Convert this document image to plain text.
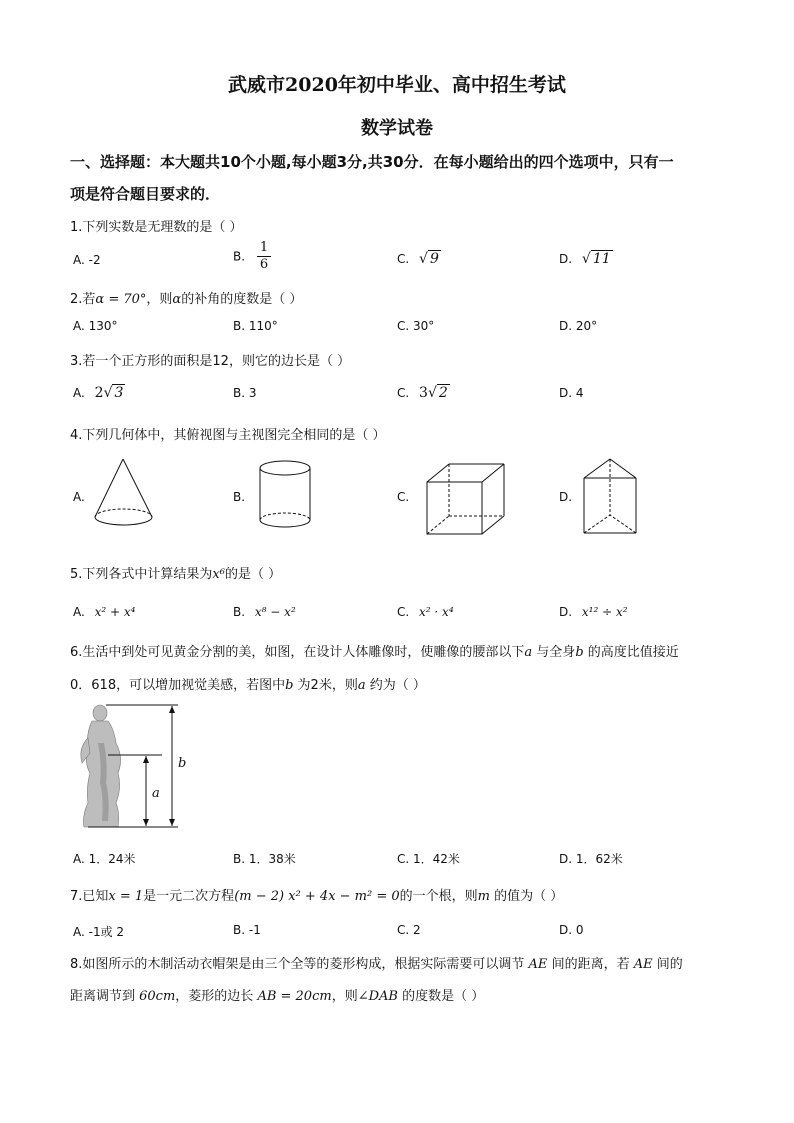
武威市2020年初中毕业、高中招生考试
数学试卷
一、选择题：本大题共10个小题,每小题3分,共30分．在每小题给出的四个选项中，只有一
项是符合题目要求的．
1.下列实数是无理数的是（ ）
A. -2	B. $\frac{1}{6}$	C. √ 9	D. √ 11
2.若α = 70°，则α的补角的度数是（ ）
A. 130°	B. 110°	C. 30°	D. 20°
3.若一个正方形的面积是12，则它的边长是（ ）
A. 2√ 3	B. 3	C. 3√ 2	D. 4
4.下列几何体中，其俯视图与主视图完全相同的是（ ）
A.	B.	C.	D.
5.下列各式中计算结果为x⁶的是（ ）
A. x² + x⁴	B. x⁸ − x²	C. x² · x⁴	D. x¹² ÷ x²
6.生活中到处可见黄金分割的美，如图，在设计人体雕像时，使雕像的腰部以下a 与全身b 的高度比值接近
0．618，可以增加视觉美感，若图中b 为2米，则a 约为（ ）
b
a
A. 1．24米	B. 1．38米	C. 1．42米	D. 1．62米
7.已知x = 1是一元二次方程(m − 2) x² + 4x − m² = 0的一个根，则m 的值为（ ）
A. -1或 2	B. -1	C. 2	D. 0
8.如图所示的木制活动衣帽架是由三个全等的菱形构成，根据实际需要可以调节 AE 间的距离，若 AE 间的
距离调节到 60cm，菱形的边长 AB = 20cm，则∠DAB 的度数是（ ）
